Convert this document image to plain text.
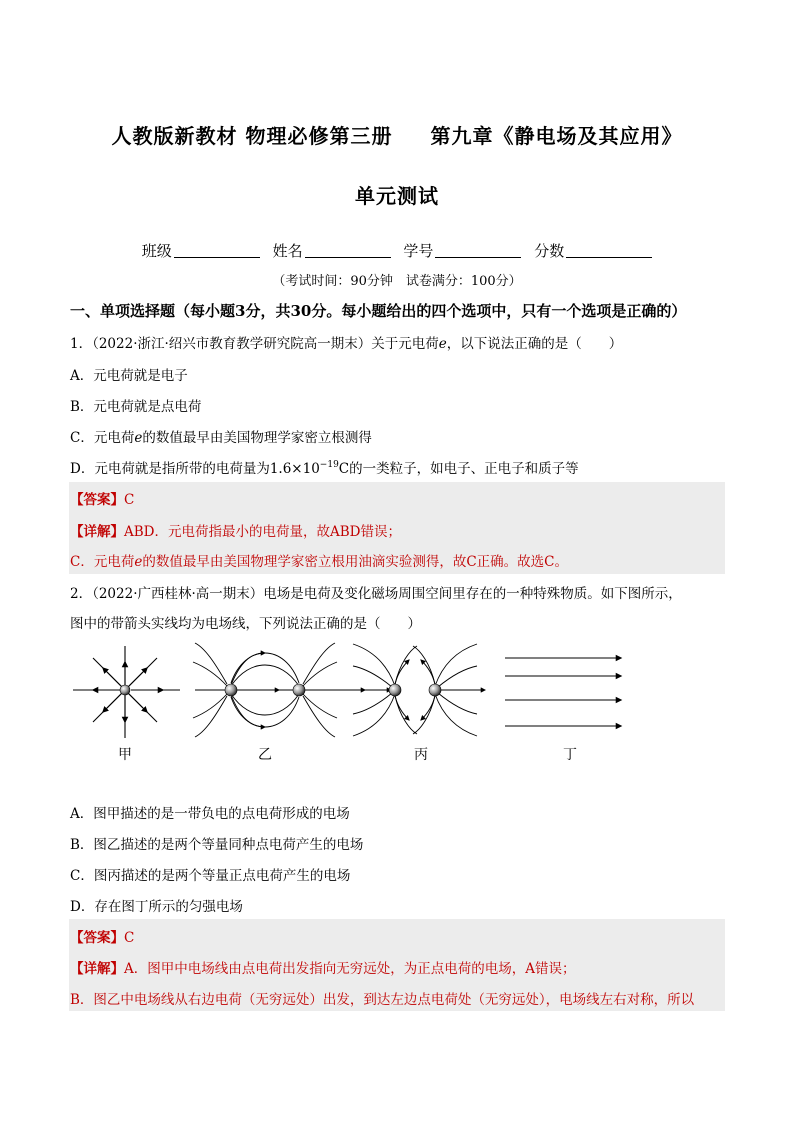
人教版新教材 物理必修第三册 第九章《静电场及其应用》
单元测试
班级	姓名	学号	分数
（考试时间：90分钟　试卷满分：100分）
一、单项选择题（每小题3分，共30分。每小题给出的四个选项中，只有一个选项是正确的）
1．（2022·浙江·绍兴市教育教学研究院高一期末）关于元电荷e，以下说法正确的是（　　）
A．元电荷就是电子
B．元电荷就是点电荷
C．元电荷e的数值最早由美国物理学家密立根测得
D．元电荷就是指所带的电荷量为$1.6\times 10^{-19}C$的一类粒子，如电子、正电子和质子等
【答案】C
【详解】ABD．元电荷指最小的电荷量，故ABD错误；
C．元电荷e的数值最早由美国物理学家密立根用油滴实验测得，故C正确。故选C。
2．（2022·广西桂林·高一期末）电场是电荷及变化磁场周围空间里存在的一种特殊物质。如下图所示，
图中的带箭头实线均为电场线，下列说法正确的是（　　）
甲	乙	丙	丁
A．图甲描述的是一带负电的点电荷形成的电场
B．图乙描述的是两个等量同种点电荷产生的电场
C．图丙描述的是两个等量正点电荷产生的电场
D．存在图丁所示的匀强电场
【答案】C
【详解】A．图甲中电场线由点电荷出发指向无穷远处，为正点电荷的电场，A错误；
B．图乙中电场线从右边电荷（无穷远处）出发，到达左边点电荷处（无穷远处），电场线左右对称，所以
